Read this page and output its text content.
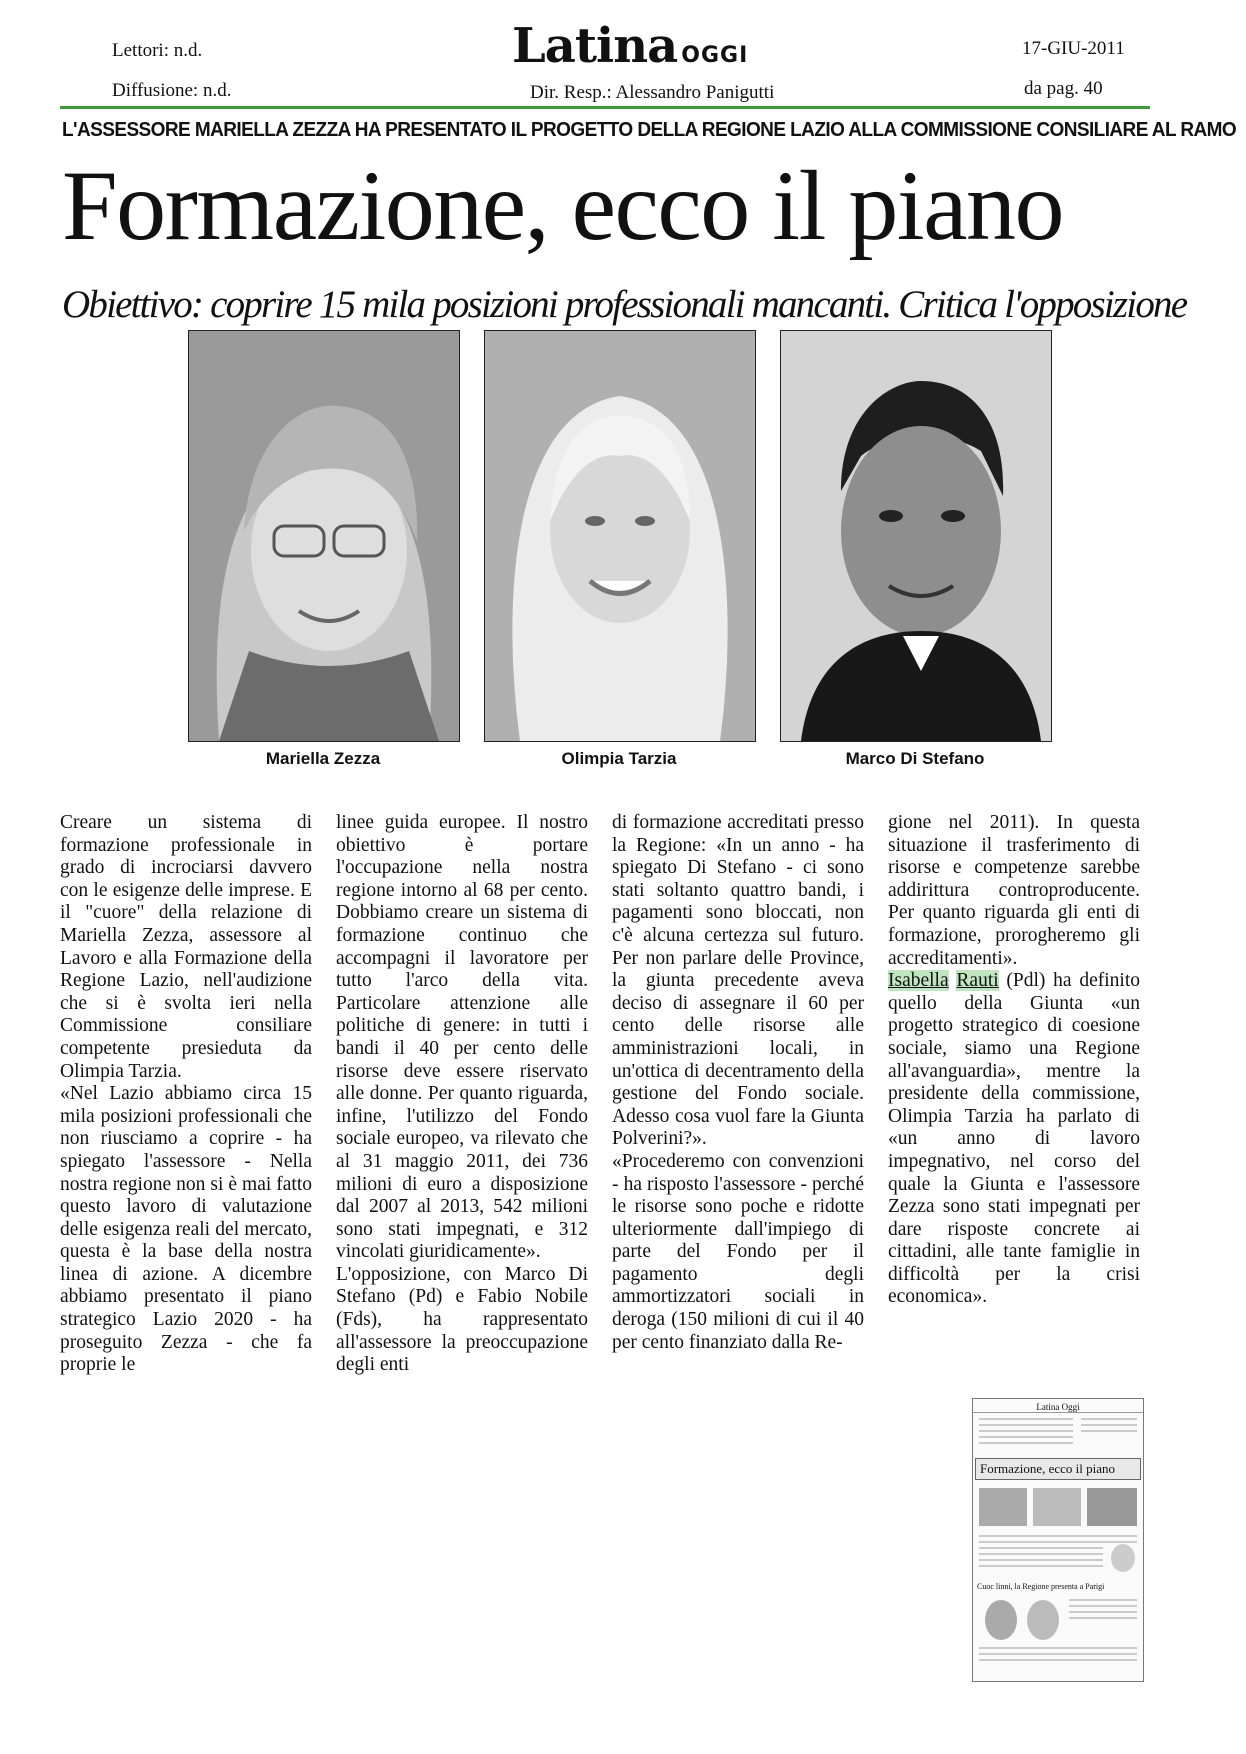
Lettori: n.d.
Diffusione: n.d.
Latina OGGI
Dir. Resp.: Alessandro Panigutti
17-GIU-2011
da pag. 40
L'ASSESSORE MARIELLA ZEZZA HA PRESENTATO IL PROGETTO DELLA REGIONE LAZIO ALLA COMMISSIONE CONSILIARE AL RAMO
Formazione, ecco il piano
Obiettivo: coprire 15 mila posizioni professionali mancanti. Critica l'opposizione
Mariella Zezza	Olimpia Tarzia	Marco Di Stefano

Creare un sistema di formazione professionale in grado di incrociarsi davvero con le esigenze delle imprese. E il "cuore" della relazione di Mariella Zezza, assessore al Lavoro e alla Formazione della Regione Lazio, nell'audizione che si è svolta ieri nella Commissione consiliare competente presieduta da Olimpia Tarzia.

«Nel Lazio abbiamo circa 15 mila posizioni professionali che non riusciamo a coprire - ha spiegato l'assessore - Nella nostra regione non si è mai fatto questo lavoro di valutazione delle esigenza reali del mercato, questa è la base della nostra linea di azione. A dicembre abbiamo presentato il piano strategico Lazio 2020 - ha proseguito Zezza - che fa proprie le

linee guida europee. Il nostro obiettivo è portare l'occupazione nella nostra regione intorno al 68 per cento. Dobbiamo creare un sistema di formazione continuo che accompagni il lavoratore per tutto l'arco della vita. Particolare attenzione alle politiche di genere: in tutti i bandi il 40 per cento delle risorse deve essere riservato alle donne. Per quanto riguarda, infine, l'utilizzo del Fondo sociale europeo, va rilevato che al 31 maggio 2011, dei 736 milioni di euro a disposizione dal 2007 al 2013, 542 milioni sono stati impegnati, e 312 vincolati giuridicamente».

L'opposizione, con Marco Di Stefano (Pd) e Fabio Nobile (Fds), ha rappresentato all'assessore la preoccupazione degli enti

di formazione accreditati presso la Regione: «In un anno - ha spiegato Di Stefano - ci sono stati soltanto quattro bandi, i pagamenti sono bloccati, non c'è alcuna certezza sul futuro. Per non parlare delle Province, la giunta precedente aveva deciso di assegnare il 60 per cento delle risorse alle amministrazioni locali, in un'ottica di decentramento della gestione del Fondo sociale. Adesso cosa vuol fare la Giunta Polverini?».

«Procederemo con convenzioni - ha risposto l'assessore - perché le risorse sono poche e ridotte ulteriormente dall'impiego di parte del Fondo per il pagamento degli ammortizzatori sociali in deroga (150 milioni di cui il 40 per cento finanziato dalla Re-

gione nel 2011). In questa situazione il trasferimento di risorse e competenze sarebbe addirittura controproducente. Per quanto riguarda gli enti di formazione, prorogheremo gli accreditamenti».

Isabella Rauti (Pdl) ha definito quello della Giunta «un progetto strategico di coesione sociale, siamo una Regione all'avanguardia», mentre la presidente della commissione, Olimpia Tarzia ha parlato di «un anno di lavoro impegnativo, nel corso del quale la Giunta e l'assessore Zezza sono stati impegnati per dare risposte concrete ai cittadini, alle tante famiglie in difficoltà per la crisi economica».

Latina Oggi
Formazione, ecco il piano
Cuoc linni, la Regione presenta a Parigi
